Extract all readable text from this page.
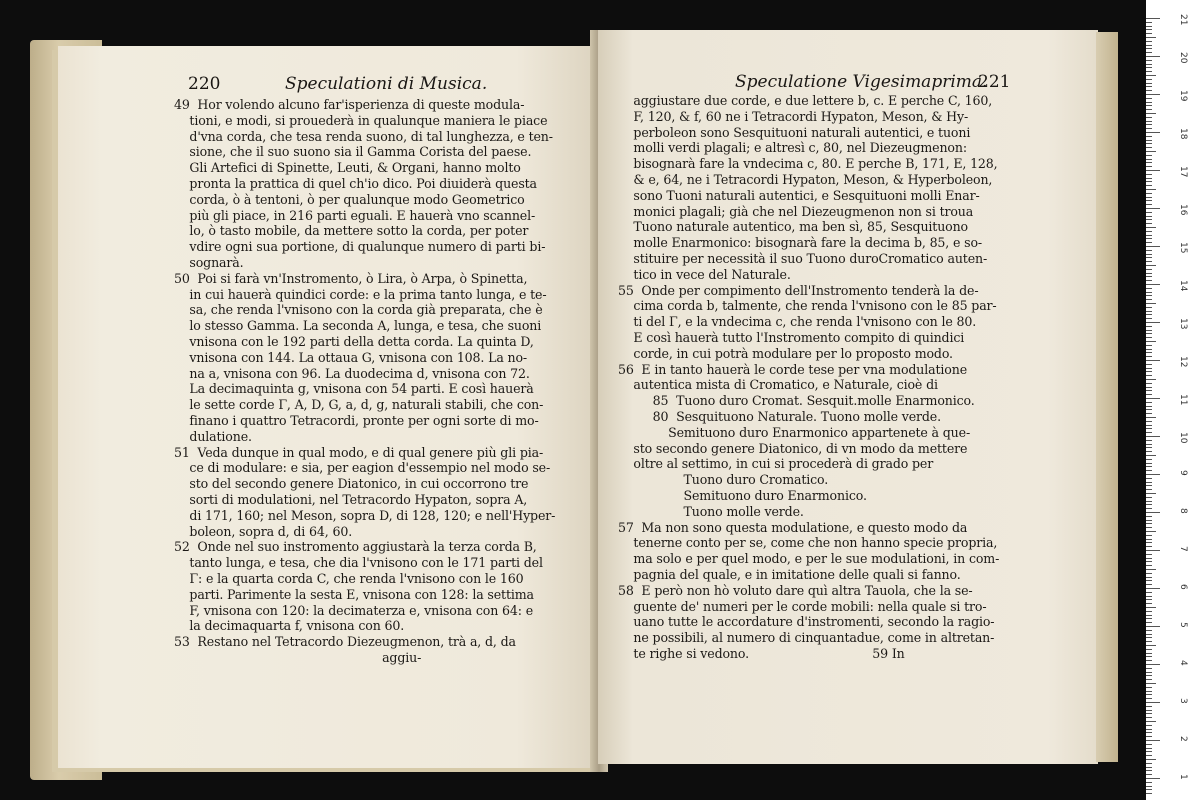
220	Speculationi di Musica.
49  Hor volendo alcuno far'isperienza di queste modula-
tioni, e modi, si prouederà in qualunque maniera le piace
d'vna corda, che tesa renda suono, di tal lunghezza, e ten-
sione, che il suo suono sia il Gamma Corista del paese.
Gli Artefici di Spinette, Leuti, & Organi, hanno molto
pronta la prattica di quel ch'io dico. Poi diuiderà questa
corda, ò à tentoni, ò per qualunque modo Geometrico
più gli piace, in 216 parti eguali. E hauerà vno scannel-
lo, ò tasto mobile, da mettere sotto la corda, per poter
vdire ogni sua portione, di qualunque numero di parti bi-
sognarà.
50  Poi si farà vn'Instromento, ò Lira, ò Arpa, ò Spinetta,
in cui hauerà quindici corde: e la prima tanto lunga, e te-
sa, che renda l'vnisono con la corda già preparata, che è
lo stesso Gamma. La seconda A, lunga, e tesa, che suoni
vnisona con le 192 parti della detta corda. La quinta D,
vnisona con 144. La ottaua G, vnisona con 108. La no-
na a, vnisona con 96. La duodecima d, vnisona con 72.
La decimaquinta g, vnisona con 54 parti. E così hauerà
le sette corde Γ, A, D, G, a, d, g, naturali stabili, che con-
finano i quattro Tetracordi, pronte per ogni sorte di mo-
dulatione.
51  Veda dunque in qual modo, e di qual genere più gli pia-
ce di modulare: e sia, per eagion d'essempio nel modo se-
sto del secondo genere Diatonico, in cui occorrono tre
sorti di modulationi, nel Tetracordo Hypaton, sopra A,
di 171, 160; nel Meson, sopra D, di 128, 120; e nell'Hyper-
boleon, sopra d, di 64, 60.
52  Onde nel suo instromento aggiustarà la terza corda B,
tanto lunga, e tesa, che dia l'vnisono con le 171 parti del
Γ: e la quarta corda C, che renda l'vnisono con le 160
parti. Parimente la sesta E, vnisona con 128: la settima
F, vnisona con 120: la decimaterza e, vnisona con 64: e
la decimaquarta f, vnisona con 60.
53  Restano nel Tetracordo Diezeugmenon, trà a, d, da
aggiu-
Speculatione Vigesimaprima.
221
aggiustare due corde, e due lettere b, c. E perche C, 160,
F, 120, & f, 60 ne i Tetracordi Hypaton, Meson, & Hy-
perboleon sono Sesquituoni naturali autentici, e tuoni
molli verdi plagali; e altresì c, 80, nel Diezeugmenon:
bisognarà fare la vndecima c, 80. E perche B, 171, E, 128,
& e, 64, ne i Tetracordi Hypaton, Meson, & Hyperboleon,
sono Tuoni naturali autentici, e Sesquituoni molli Enar-
monici plagali; già che nel Diezeugmenon non si troua
Tuono naturale autentico, ma ben sì, 85, Sesquituono
molle Enarmonico: bisognarà fare la decima b, 85, e so-
stituire per necessità il suo Tuono duroCromatico auten-
tico in vece del Naturale.
55  Onde per compimento dell'Instromento tenderà la de-
cima corda b, talmente, che renda l'vnisono con le 85 par-
ti del Γ, e la vndecima c, che renda l'vnisono con le 80.
E così hauerà tutto l'Instromento compito di quindici
corde, in cui potrà modulare per lo proposto modo.
56  E in tanto hauerà le corde tese per vna modulatione
autentica mista di Cromatico, e Naturale, cioè di
85  Tuono duro Cromat. Sesquit.molle Enarmonico.
80  Sesquituono Naturale. Tuono molle verde.
Semituono duro Enarmonico appartenete à que-
sto secondo genere Diatonico, di vn modo da mettere
oltre al settimo, in cui si procederà di grado per
Tuono duro Cromatico.
Semituono duro Enarmonico.
Tuono molle verde.
57  Ma non sono questa modulatione, e questo modo da
tenerne conto per se, come che non hanno specie propria,
ma solo e per quel modo, e per le sue modulationi, in com-
pagnia del quale, e in imitatione delle quali si fanno.
58  E però non hò voluto dare quì altra Tauola, che la se-
guente de' numeri per le corde mobili: nella quale si tro-
uano tutte le accordature d'instromenti, secondo la ragio-
ne possibili, al numero di cinquantadue, come in altretan-
te righe si vedono.                                59 In
21
20
19
18
17
16
15
14
13
12
11
10
9
8
7
6
5
4
3
2
1
